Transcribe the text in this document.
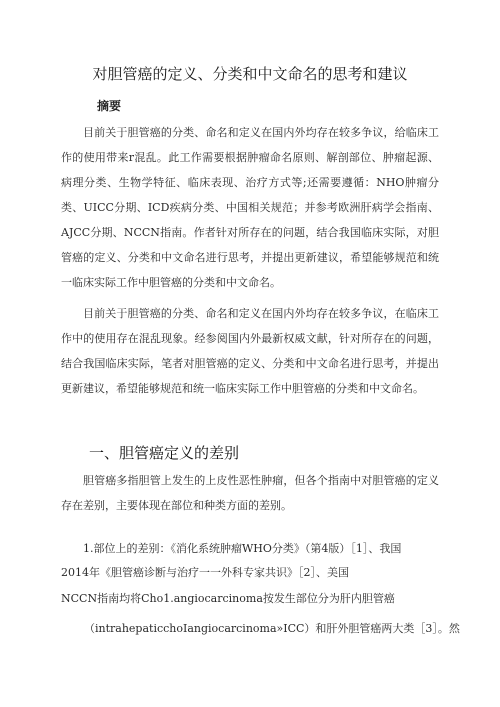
对胆管癌的定义、分类和中文命名的思考和建议
摘要

目前关于胆管癌的分类、命名和定义在国内外均存在较多争议，给临床工作的使用带来r混乱。此工作需要根据肿瘤命名原则、解剖部位、肿瘤起源、病理分类、生物学特征、临床表现、治疗方式等;还需要遵循：NHO肿瘤分类、UICC分期、ICD疾病分类、中国相关规范；并参考欧洲肝病学会指南、AJCC分期、NCCN指南。作者针对所存在的问题，结合我国临床实际，对胆管癌的定义、分类和中文命名进行思考，并提出更新建议，希望能够规范和统一临床实际工作中胆管癌的分类和中文命名。

目前关于胆管癌的分类、命名和定义在国内外均存在较多争议，在临床工作中的使用存在混乱现象。经参阅国内外最新权威文献，针对所存在的问题，结合我国临床实际，笔者对胆管癌的定义、分类和中文命名进行思考，并提出更新建议，希望能够规范和统一临床实际工作中胆管癌的分类和中文命名。

一、胆管癌定义的差别

胆管癌多指胆管上发生的上皮性恶性肿瘤，但各个指南中对胆管癌的定义存在差别，主要体现在部位和种类方面的差别。

1.部位上的差别：《消化系统肿瘤WHO分类》（第4版）［1］、我国
2014年《胆管癌诊断与治疗一一外科专家共识》［2］、美国
NCCN指南均将Cho1.angiocarcinoma按发生部位分为肝内胆管癌
（intrahepaticchoIangiocarcinoma»ICC）和肝外胆管癌两大类［3］。然
